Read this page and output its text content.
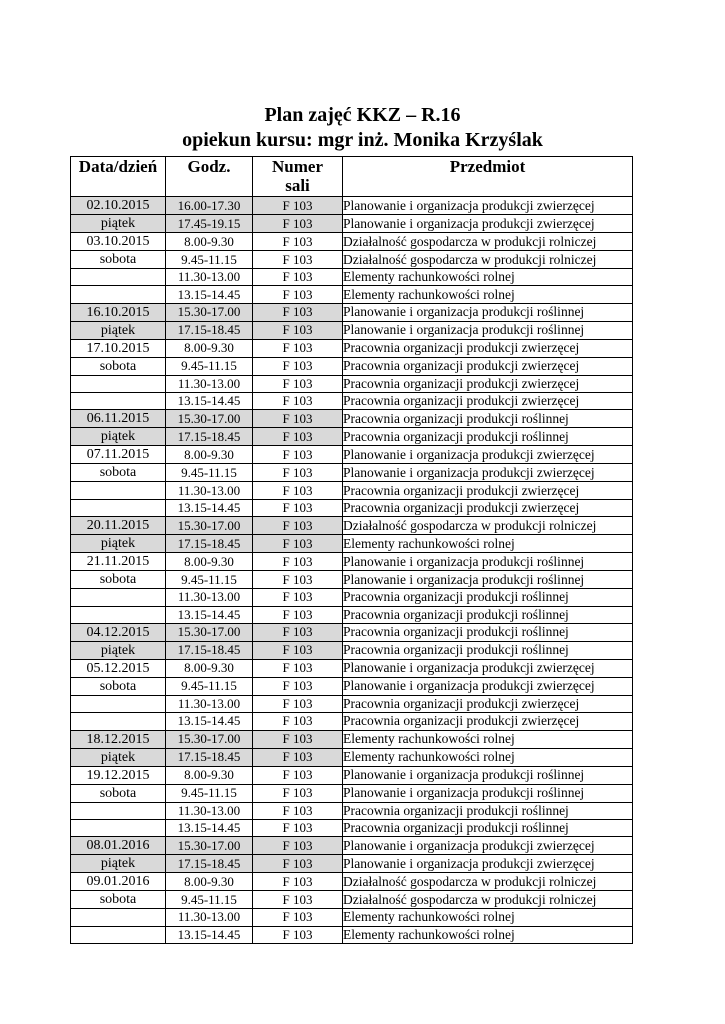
Plan zajęć KKZ – R.16
opiekun kursu: mgr inż. Monika Krzyślak
Data/dzień	Godz.	Numer sali	Przedmiot
02.10.2015	16.00-17.30	F 103	Planowanie i organizacja produkcji zwierzęcej
piątek	17.45-19.15	F 103	Planowanie i organizacja produkcji zwierzęcej
03.10.2015	8.00-9.30	F 103	Działalność gospodarcza w produkcji rolniczej
sobota	9.45-11.15	F 103	Działalność gospodarcza w produkcji rolniczej
	11.30-13.00	F 103	Elementy rachunkowości rolnej
	13.15-14.45	F 103	Elementy rachunkowości rolnej
16.10.2015	15.30-17.00	F 103	Planowanie i organizacja produkcji roślinnej
piątek	17.15-18.45	F 103	Planowanie i organizacja produkcji roślinnej
17.10.2015	8.00-9.30	F 103	Pracownia organizacji produkcji zwierzęcej
sobota	9.45-11.15	F 103	Pracownia organizacji produkcji zwierzęcej
	11.30-13.00	F 103	Pracownia organizacji produkcji zwierzęcej
	13.15-14.45	F 103	Pracownia organizacji produkcji zwierzęcej
06.11.2015	15.30-17.00	F 103	Pracownia organizacji produkcji roślinnej
piątek	17.15-18.45	F 103	Pracownia organizacji produkcji roślinnej
07.11.2015	8.00-9.30	F 103	Planowanie i organizacja produkcji zwierzęcej
sobota	9.45-11.15	F 103	Planowanie i organizacja produkcji zwierzęcej
	11.30-13.00	F 103	Pracownia organizacji produkcji zwierzęcej
	13.15-14.45	F 103	Pracownia organizacji produkcji zwierzęcej
20.11.2015	15.30-17.00	F 103	Działalność gospodarcza w produkcji rolniczej
piątek	17.15-18.45	F 103	Elementy rachunkowości rolnej
21.11.2015	8.00-9.30	F 103	Planowanie i organizacja produkcji roślinnej
sobota	9.45-11.15	F 103	Planowanie i organizacja produkcji roślinnej
	11.30-13.00	F 103	Pracownia organizacji produkcji roślinnej
	13.15-14.45	F 103	Pracownia organizacji produkcji roślinnej
04.12.2015	15.30-17.00	F 103	Pracownia organizacji produkcji roślinnej
piątek	17.15-18.45	F 103	Pracownia organizacji produkcji roślinnej
05.12.2015	8.00-9.30	F 103	Planowanie i organizacja produkcji zwierzęcej
sobota	9.45-11.15	F 103	Planowanie i organizacja produkcji zwierzęcej
	11.30-13.00	F 103	Pracownia organizacji produkcji zwierzęcej
	13.15-14.45	F 103	Pracownia organizacji produkcji zwierzęcej
18.12.2015	15.30-17.00	F 103	Elementy rachunkowości rolnej
piątek	17.15-18.45	F 103	Elementy rachunkowości rolnej
19.12.2015	8.00-9.30	F 103	Planowanie i organizacja produkcji roślinnej
sobota	9.45-11.15	F 103	Planowanie i organizacja produkcji roślinnej
	11.30-13.00	F 103	Pracownia organizacji produkcji roślinnej
	13.15-14.45	F 103	Pracownia organizacji produkcji roślinnej
08.01.2016	15.30-17.00	F 103	Planowanie i organizacja produkcji zwierzęcej
piątek	17.15-18.45	F 103	Planowanie i organizacja produkcji zwierzęcej
09.01.2016	8.00-9.30	F 103	Działalność gospodarcza w produkcji rolniczej
sobota	9.45-11.15	F 103	Działalność gospodarcza w produkcji rolniczej
	11.30-13.00	F 103	Elementy rachunkowości rolnej
	13.15-14.45	F 103	Elementy rachunkowości rolnej
